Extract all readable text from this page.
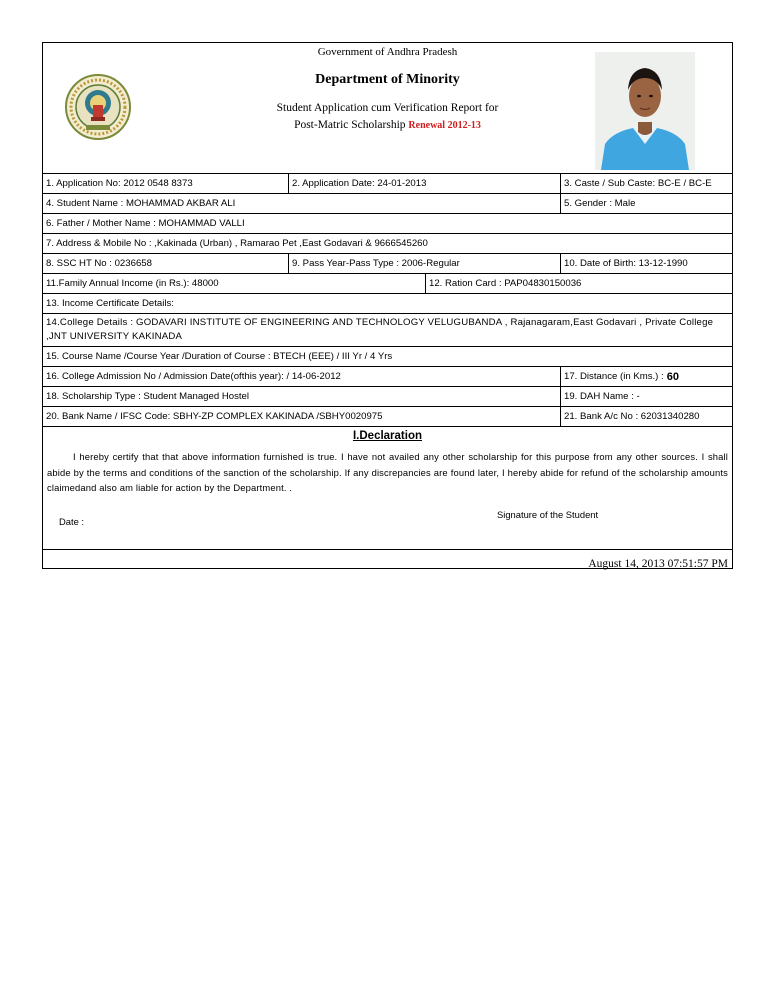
Government of Andhra Pradesh
Department of Minority
Student Application cum Verification Report for
Post-Matric Scholarship Renewal 2012-13
1. Application No: 2012 0548 8373	2. Application Date: 24-01-2013	3. Caste / Sub Caste: BC-E / BC-E
4. Student Name : MOHAMMAD AKBAR ALI	5. Gender : Male
6. Father / Mother Name : MOHAMMAD VALLI
7. Address & Mobile No : ,Kakinada (Urban) , Ramarao Pet ,East Godavari & 9666545260
8. SSC HT No : 0236658	9. Pass Year-Pass Type : 2006-Regular	10. Date of Birth: 13-12-1990
11.Family Annual Income (in Rs.): 48000	12. Ration Card : PAP04830150036
13. Income Certificate Details:
14.College Details : GODAVARI INSTITUTE OF ENGINEERING AND TECHNOLOGY VELUGUBANDA , Rajanagaram,East Godavari , Private College ,JNT UNIVERSITY KAKINADA
15. Course Name /Course Year /Duration of Course : BTECH (EEE) / III Yr / 4 Yrs
16. College Admission No / Admission Date(ofthis year): / 14-06-2012	17. Distance (in Kms.) : 60
18. Scholarship Type : Student Managed Hostel	19. DAH Name : -
20. Bank Name / IFSC Code: SBHY-ZP COMPLEX KAKINADA /SBHY0020975	21. Bank A/c No : 62031340280
I.Declaration
I hereby certify that that above information furnished is true. I have not availed any other scholarship for this purpose from any other sources. I shall abide by the terms and conditions of the sanction of the scholarship. If any discrepancies are found later, I hereby abide for refund of the scholarship amounts claimedand also am liable for action by the Department. .
Date :
Signature of the Student
August 14, 2013 07:51:57 PM
